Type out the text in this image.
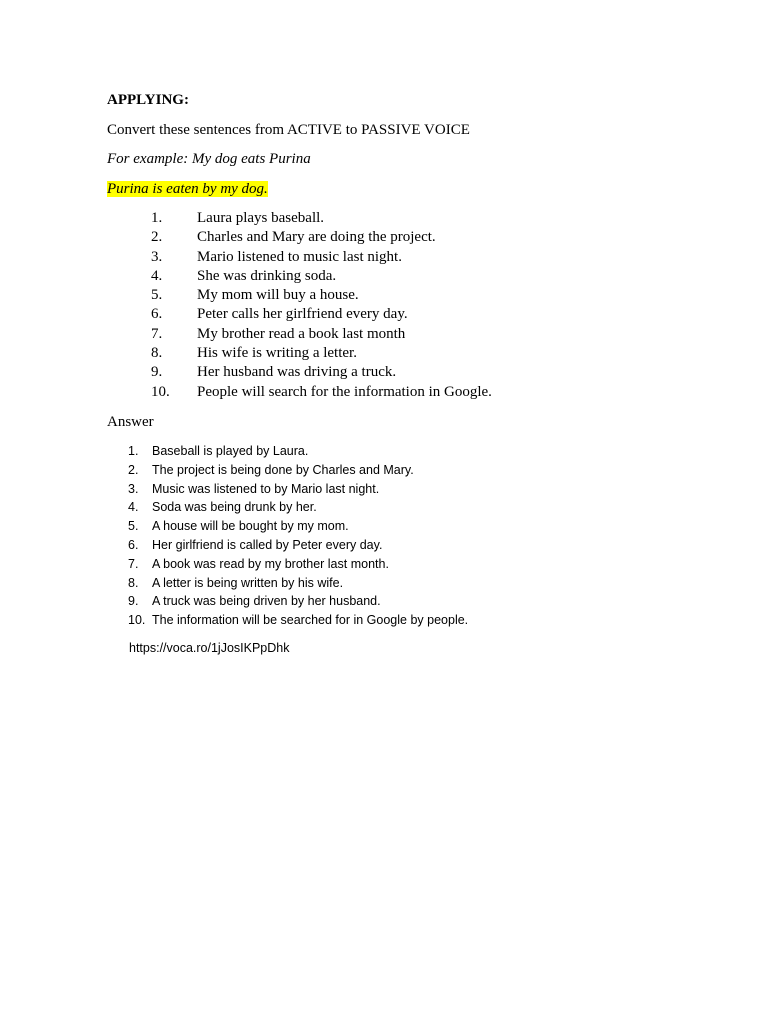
APPLYING:
Convert these sentences from ACTIVE to PASSIVE VOICE
For example: My dog eats Purina
Purina is eaten by my dog.
1.	Laura plays baseball.
2.	Charles and Mary are doing the project.
3.	Mario listened to music last night.
4.	She was drinking soda.
5.	My mom will buy a house.
6.	Peter calls her girlfriend every day.
7.	My brother read a book last month
8.	His wife is writing a letter.
9.	Her husband was driving a truck.
10.	People will search for the information in Google.
Answer
1.	Baseball is played by Laura.
2.	The project is being done by Charles and Mary.
3.	Music was listened to by Mario last night.
4.	Soda was being drunk by her.
5.	A house will be bought by my mom.
6.	Her girlfriend is called by Peter every day.
7.	A book was read by my brother last month.
8.	A letter is being written by his wife.
9.	A truck was being driven by her husband.
10. The information will be searched for in Google by people.
https://voca.ro/1jJosIKPpDhk
